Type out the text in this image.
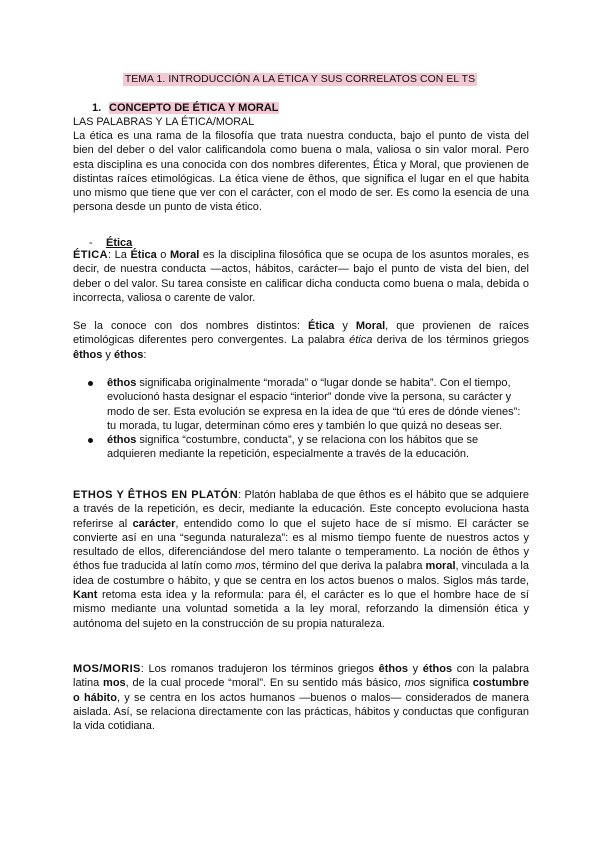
TEMA 1. INTRODUCCIÓN A LA ÉTICA Y SUS CORRELATOS CON EL TS
1. CONCEPTO DE ÉTICA Y MORAL
LAS PALABRAS Y LA ÉTICA/MORAL
La ética es una rama de la filosofía que trata nuestra conducta, bajo el punto de vista del bien del deber o del valor calificandola como buena o mala, valiosa o sin valor moral. Pero esta disciplina es una conocida con dos nombres diferentes, Ética y Moral, que provienen de distintas raíces etimológicas. La ética viene de êthos, que significa el lugar en el que habita uno mismo que tiene que ver con el carácter, con el modo de ser. Es como la esencia de una persona desde un punto de vista ético.
- Ética
ÉTICA: La Ética o Moral es la disciplina filosófica que se ocupa de los asuntos morales, es decir, de nuestra conducta —actos, hábitos, carácter— bajo el punto de vista del bien, del deber o del valor. Su tarea consiste en calificar dicha conducta como buena o mala, debida o incorrecta, valiosa o carente de valor.
Se la conoce con dos nombres distintos: Ética y Moral, que provienen de raíces etimológicas diferentes pero convergentes. La palabra ética deriva de los términos griegos êthos y éthos:
êthos significaba originalmente “morada” o “lugar donde se habita”. Con el tiempo, evolucionó hasta designar el espacio “interior” donde vive la persona, su carácter y modo de ser. Esta evolución se expresa en la idea de que “tú eres de dónde vienes”: tu morada, tu lugar, determinan cómo eres y también lo que quizá no deseas ser.
éthos significa “costumbre, conducta”, y se relaciona con los hábitos que se adquieren mediante la repetición, especialmente a través de la educación.
ETHOS Y ÊTHOS EN PLATÓN: Platón hablaba de que êthos es el hábito que se adquiere a través de la repetición, es decir, mediante la educación. Este concepto evoluciona hasta referirse al carácter, entendido como lo que el sujeto hace de sí mismo. El carácter se convierte así en una “segunda naturaleza”: es al mismo tiempo fuente de nuestros actos y resultado de ellos, diferenciándose del mero talante o temperamento. La noción de êthos y éthos fue traducida al latín como mos, término del que deriva la palabra moral, vinculada a la idea de costumbre o hábito, y que se centra en los actos buenos o malos. Siglos más tarde, Kant retoma esta idea y la reformula: para él, el carácter es lo que el hombre hace de sí mismo mediante una voluntad sometida a la ley moral, reforzando la dimensión ética y autónoma del sujeto en la construcción de su propia naturaleza.
MOS/MORIS: Los romanos tradujeron los términos griegos êthos y éthos con la palabra latina mos, de la cual procede “moral”. En su sentido más básico, mos significa costumbre o hábito, y se centra en los actos humanos —buenos o malos— considerados de manera aislada. Así, se relaciona directamente con las prácticas, hábitos y conductas que configuran la vida cotidiana.
